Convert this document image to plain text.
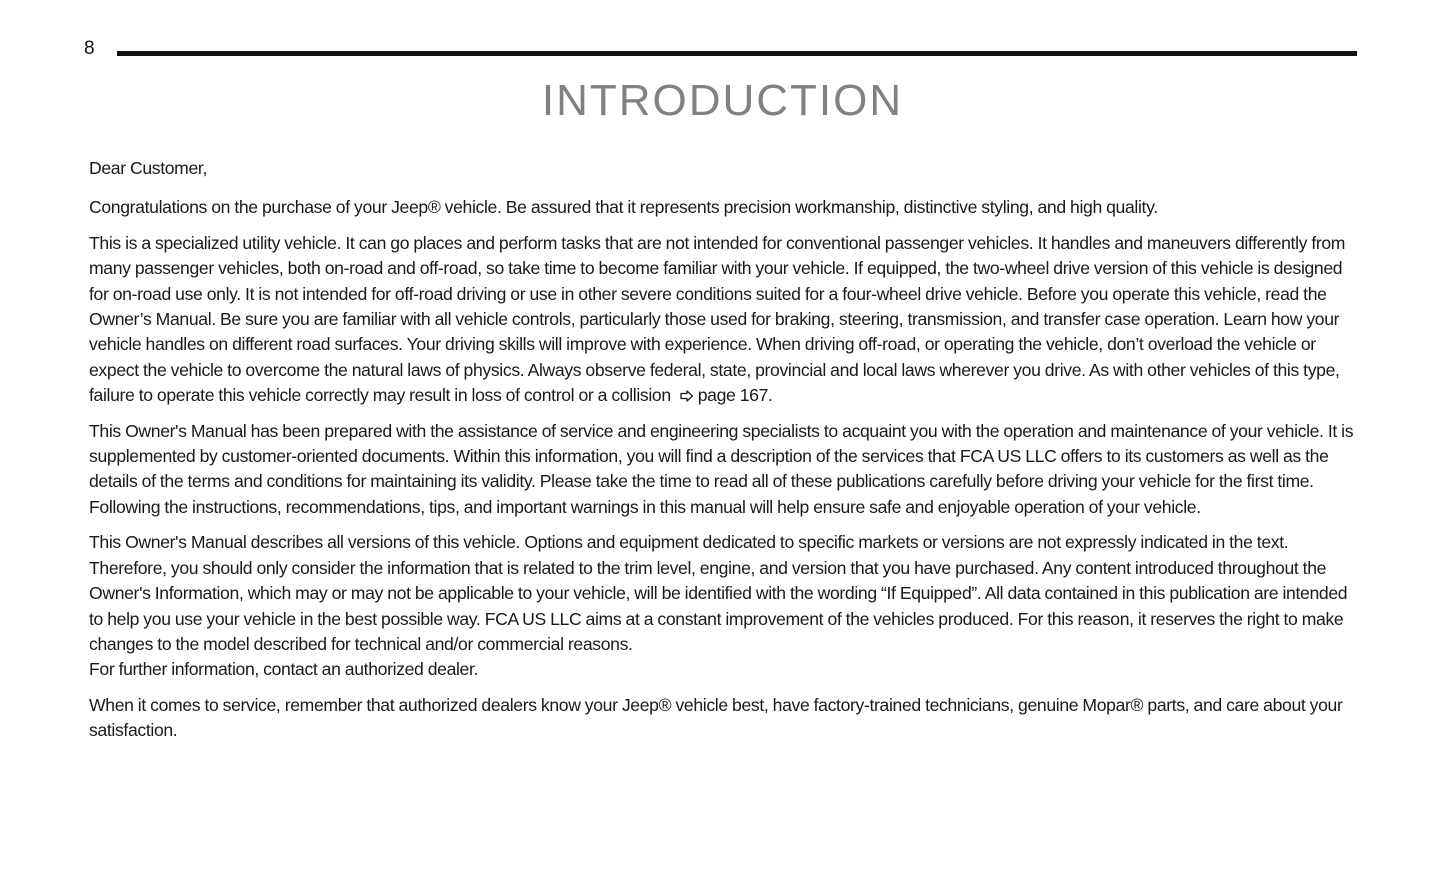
8
INTRODUCTION

Dear Customer,

Congratulations on the purchase of your Jeep® vehicle. Be assured that it represents precision workmanship, distinctive styling, and high quality.

This is a specialized utility vehicle. It can go places and perform tasks that are not intended for conventional passenger vehicles. It handles and maneuvers differently from many passenger vehicles, both on-road and off-road, so take time to become familiar with your vehicle. If equipped, the two-wheel drive version of this vehicle is designed for on-road use only. It is not intended for off-road driving or use in other severe conditions suited for a four-wheel drive vehicle. Before you operate this vehicle, read the Owner’s Manual. Be sure you are familiar with all vehicle controls, particularly those used for braking, steering, transmission, and transfer case operation. Learn how your vehicle handles on different road surfaces. Your driving skills will improve with experience. When driving off-road, or operating the vehicle, don’t overload the vehicle or expect the vehicle to overcome the natural laws of physics. Always observe federal, state, provincial and local laws wherever you drive. As with other vehicles of this type, failure to operate this vehicle correctly may result in loss of control or a collision page 167.

This Owner's Manual has been prepared with the assistance of service and engineering specialists to acquaint you with the operation and maintenance of your vehicle. It is supplemented by customer-oriented documents. Within this information, you will find a description of the services that FCA US LLC offers to its customers as well as the details of the terms and conditions for maintaining its validity. Please take the time to read all of these publications carefully before driving your vehicle for the first time. Following the instructions, recommendations, tips, and important warnings in this manual will help ensure safe and enjoyable operation of your vehicle.

This Owner's Manual describes all versions of this vehicle. Options and equipment dedicated to specific markets or versions are not expressly indicated in the text. Therefore, you should only consider the information that is related to the trim level, engine, and version that you have purchased. Any content introduced throughout the Owner's Information, which may or may not be applicable to your vehicle, will be identified with the wording “If Equipped”. All data contained in this publication are intended to help you use your vehicle in the best possible way. FCA US LLC aims at a constant improvement of the vehicles produced. For this reason, it reserves the right to make changes to the model described for technical and/or commercial reasons.
For further information, contact an authorized dealer.

When it comes to service, remember that authorized dealers know your Jeep® vehicle best, have factory-trained technicians, genuine Mopar® parts, and care about your satisfaction.
